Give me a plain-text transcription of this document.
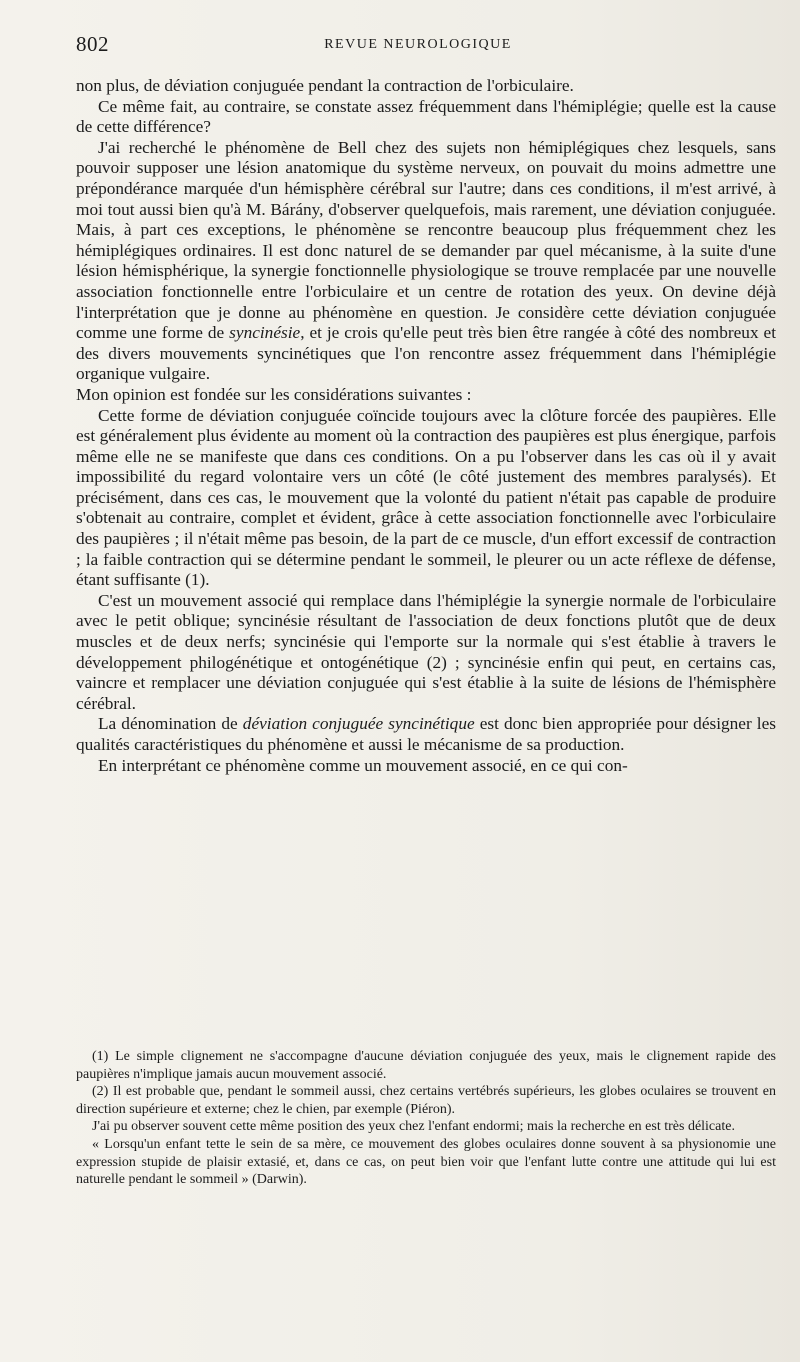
802	REVUE NEUROLOGIQUE

non plus, de déviation conjuguée pendant la contraction de l'orbiculaire.

Ce même fait, au contraire, se constate assez fréquemment dans l'hémiplégie; quelle est la cause de cette différence?

J'ai recherché le phénomène de Bell chez des sujets non hémiplégiques chez lesquels, sans pouvoir supposer une lésion anatomique du système nerveux, on pouvait du moins admettre une prépondérance marquée d'un hémisphère cérébral sur l'autre; dans ces conditions, il m'est arrivé, à moi tout aussi bien qu'à M. Bárány, d'observer quelquefois, mais rarement, une déviation conjuguée. Mais, à part ces exceptions, le phénomène se rencontre beaucoup plus fréquemment chez les hémiplégiques ordinaires. Il est donc naturel de se demander par quel mécanisme, à la suite d'une lésion hémisphérique, la synergie fonctionnelle physiologique se trouve remplacée par une nouvelle association fonctionnelle entre l'orbiculaire et un centre de rotation des yeux. On devine déjà l'interprétation que je donne au phénomène en question. Je considère cette déviation conjuguée comme une forme de syncinésie, et je crois qu'elle peut très bien être rangée à côté des nombreux et des divers mouvements syncinétiques que l'on rencontre assez fréquemment dans l'hémiplégie organique vulgaire.

Mon opinion est fondée sur les considérations suivantes :

Cette forme de déviation conjuguée coïncide toujours avec la clôture forcée des paupières. Elle est généralement plus évidente au moment où la contraction des paupières est plus énergique, parfois même elle ne se manifeste que dans ces conditions. On a pu l'observer dans les cas où il y avait impossibilité du regard volontaire vers un côté (le côté justement des membres paralysés). Et précisément, dans ces cas, le mouvement que la volonté du patient n'était pas capable de produire s'obtenait au contraire, complet et évident, grâce à cette association fonctionnelle avec l'orbiculaire des paupières ; il n'était même pas besoin, de la part de ce muscle, d'un effort excessif de contraction ; la faible contraction qui se détermine pendant le sommeil, le pleurer ou un acte réflexe de défense, étant suffisante (1).

C'est un mouvement associé qui remplace dans l'hémiplégie la synergie normale de l'orbiculaire avec le petit oblique; syncinésie résultant de l'association de deux fonctions plutôt que de deux muscles et de deux nerfs; syncinésie qui l'emporte sur la normale qui s'est établie à travers le développement philogénétique et ontogénétique (2) ; syncinésie enfin qui peut, en certains cas, vaincre et remplacer une déviation conjuguée qui s'est établie à la suite de lésions de l'hémisphère cérébral.

La dénomination de déviation conjuguée syncinétique est donc bien appropriée pour désigner les qualités caractéristiques du phénomène et aussi le mécanisme de sa production.

En interprétant ce phénomène comme un mouvement associé, en ce qui con-

(1) Le simple clignement ne s'accompagne d'aucune déviation conjuguée des yeux, mais le clignement rapide des paupières n'implique jamais aucun mouvement associé.

(2) Il est probable que, pendant le sommeil aussi, chez certains vertébrés supérieurs, les globes oculaires se trouvent en direction supérieure et externe; chez le chien, par exemple (Piéron).

J'ai pu observer souvent cette même position des yeux chez l'enfant endormi; mais la recherche en est très délicate.

« Lorsqu'un enfant tette le sein de sa mère, ce mouvement des globes oculaires donne souvent à sa physionomie une expression stupide de plaisir extasié, et, dans ce cas, on peut bien voir que l'enfant lutte contre une attitude qui lui est naturelle pendant le sommeil » (Darwin).
